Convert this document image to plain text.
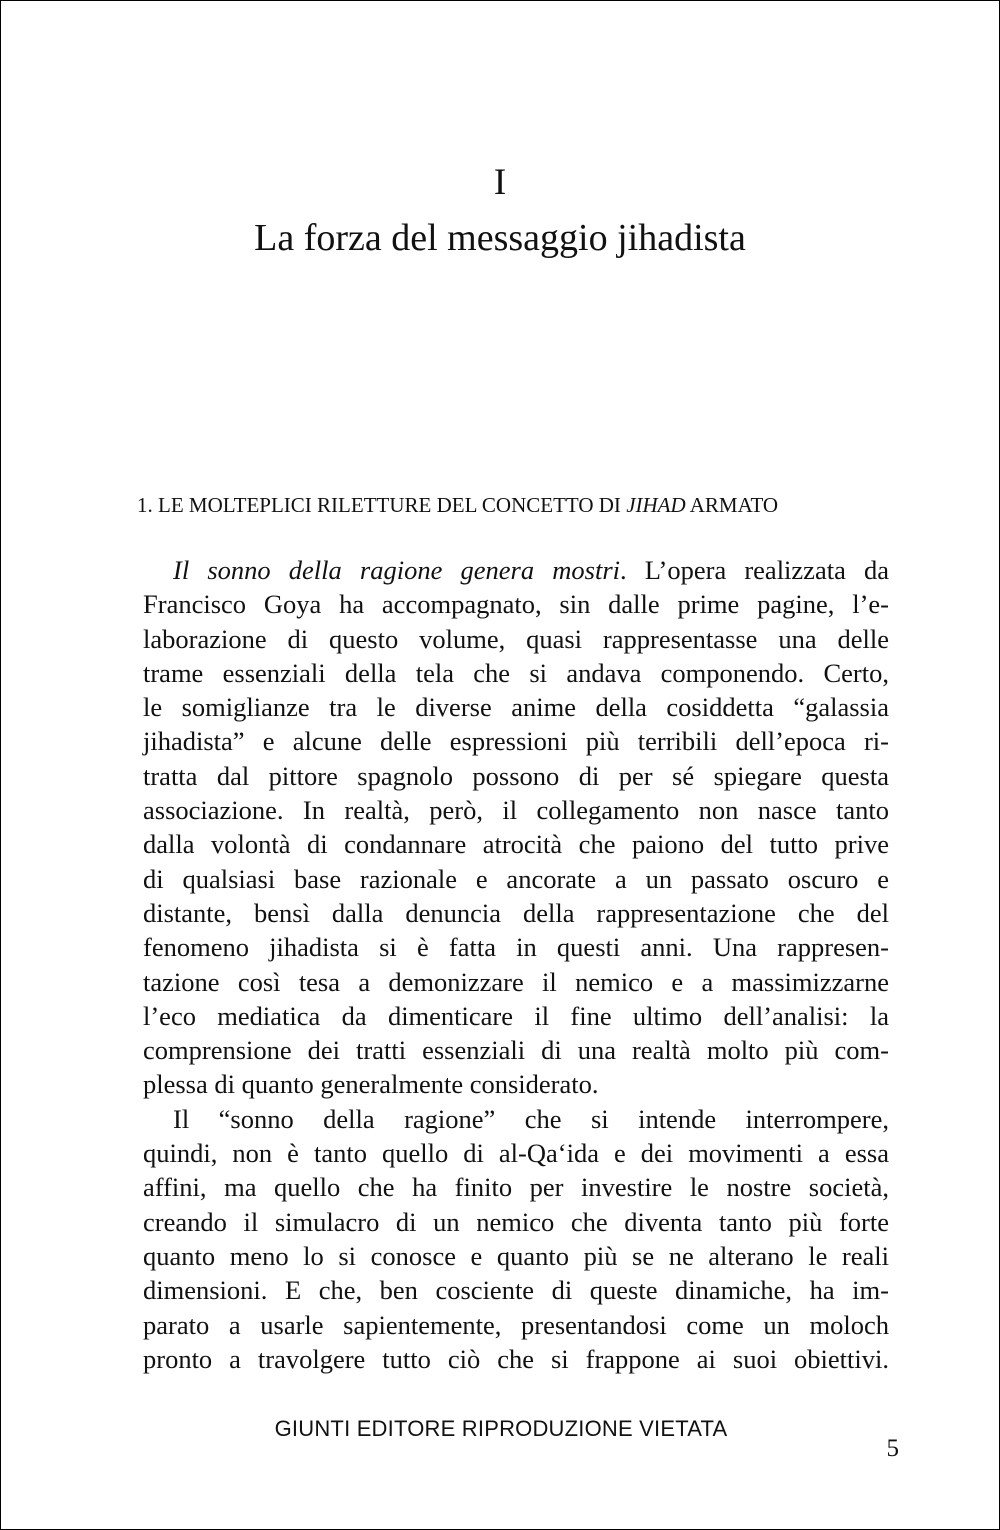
I
La forza del messaggio jihadista
1. LE MOLTEPLICI RILETTURE DEL CONCETTO DI JIHAD ARMATO
Il sonno della ragione genera mostri. L’opera realizzata da
Francisco Goya ha accompagnato, sin dalle prime pagine, l’e-
laborazione di questo volume, quasi rappresentasse una delle
trame essenziali della tela che si andava componendo. Certo,
le somiglianze tra le diverse anime della cosiddetta “galassia
jihadista” e alcune delle espressioni più terribili dell’epoca ri-
tratta dal pittore spagnolo possono di per sé spiegare questa
associazione. In realtà, però, il collegamento non nasce tanto
dalla volontà di condannare atrocità che paiono del tutto prive
di qualsiasi base razionale e ancorate a un passato oscuro e
distante, bensì dalla denuncia della rappresentazione che del
fenomeno jihadista si è fatta in questi anni. Una rappresen-
tazione così tesa a demonizzare il nemico e a massimizzarne
l’eco mediatica da dimenticare il fine ultimo dell’analisi: la
comprensione dei tratti essenziali di una realtà molto più com-
plessa di quanto generalmente considerato.
Il “sonno della ragione” che si intende interrompere,
quindi, non è tanto quello di al-Qa‘ida e dei movimenti a essa
affini, ma quello che ha finito per investire le nostre società,
creando il simulacro di un nemico che diventa tanto più forte
quanto meno lo si conosce e quanto più se ne alterano le reali
dimensioni. E che, ben cosciente di queste dinamiche, ha im-
parato a usarle sapientemente, presentandosi come un moloch
pronto a travolgere tutto ciò che si frappone ai suoi obiettivi.
GIUNTI EDITORE RIPRODUZIONE VIETATA
5
